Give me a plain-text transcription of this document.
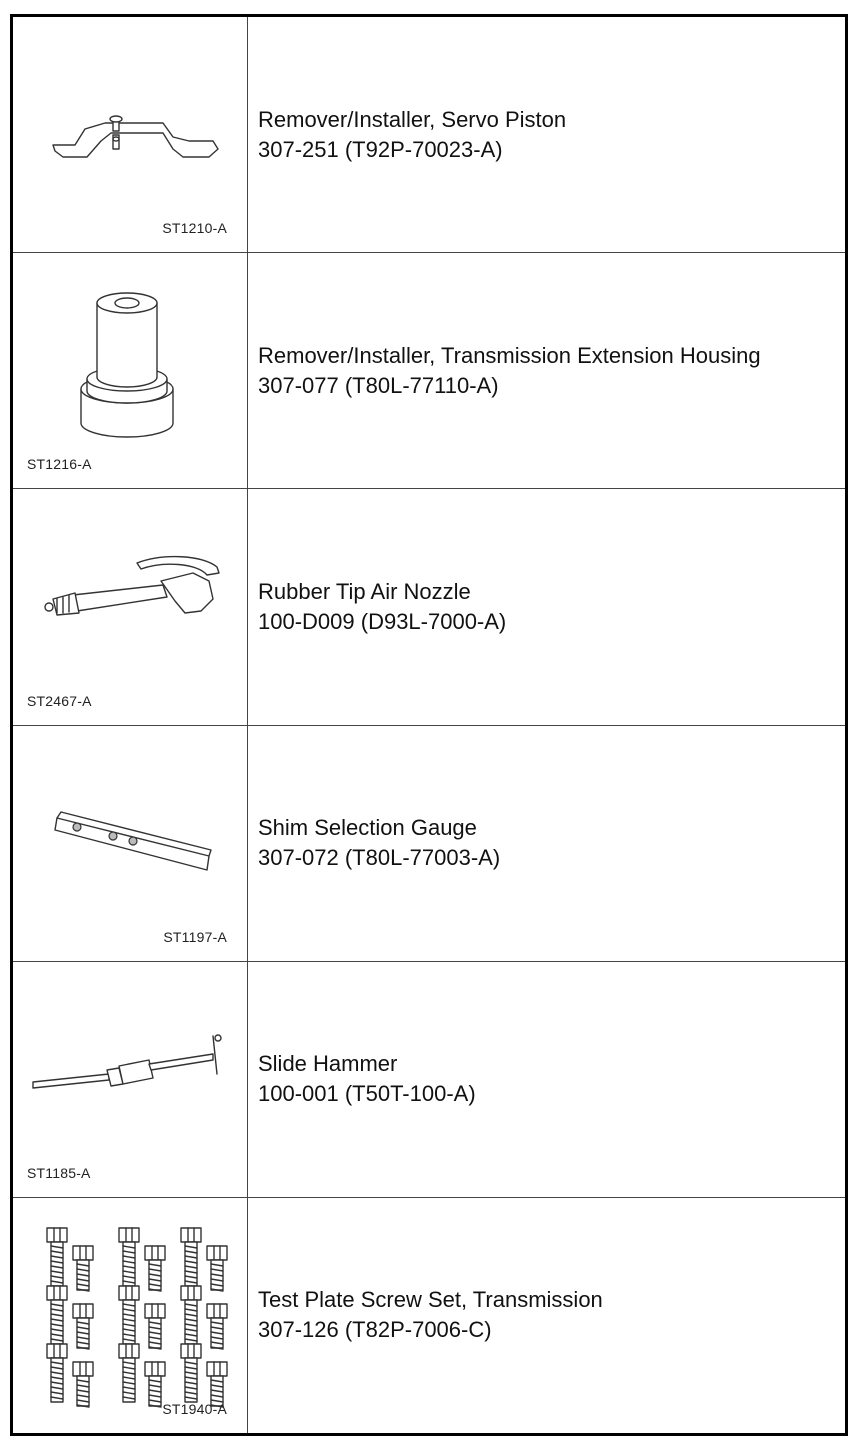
ST1210-A
Remover/Installer, Servo Piston
307-251 (T92P-70023-A)
ST1216-A
Remover/Installer, Transmission Extension Housing
307-077 (T80L-77110-A)
ST2467-A
Rubber Tip Air Nozzle
100-D009 (D93L-7000-A)
ST1197-A
Shim Selection Gauge
307-072 (T80L-77003-A)
ST1185-A
Slide Hammer
100-001 (T50T-100-A)
ST1940-A
Test Plate Screw Set, Transmission
307-126 (T82P-7006-C)
